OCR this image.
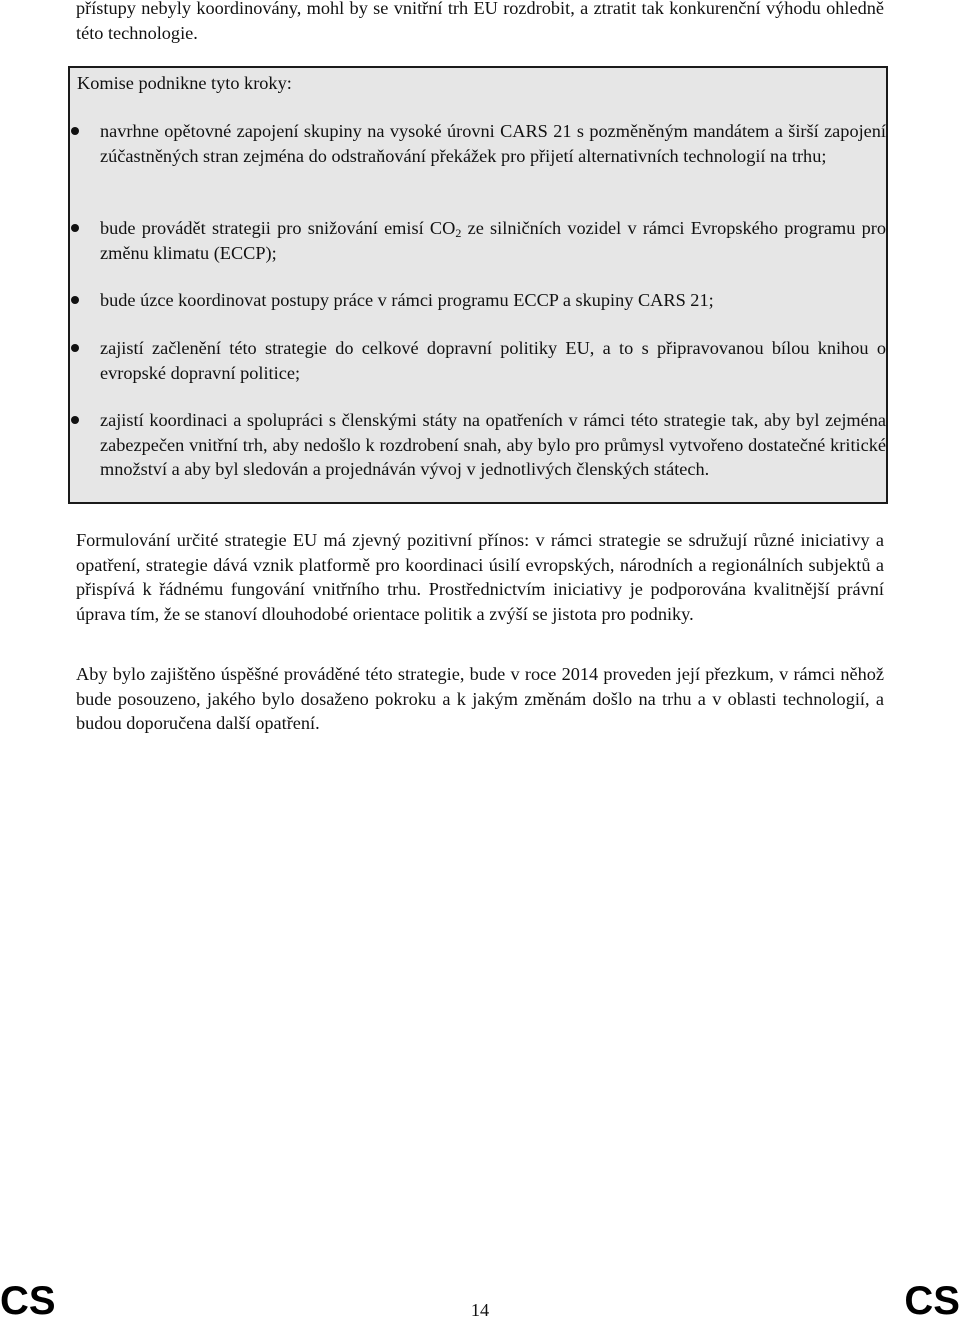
přístupy nebyly koordinovány, mohl by se vnitřní trh EU rozdrobit, a ztratit tak konkurenční výhodu ohledně této technologie.

Komise podnikne tyto kroky:

navrhne opětovné zapojení skupiny na vysoké úrovni CARS 21 s pozměněným mandátem a širší zapojení zúčastněných stran zejména do odstraňování překážek pro přijetí alternativních technologií na trhu;
bude provádět strategii pro snižování emisí $CO_2$ ze silničních vozidel v rámci Evropského programu pro změnu klimatu (ECCP);
bude úzce koordinovat postupy práce v rámci programu ECCP a skupiny CARS 21;
zajistí začlenění této strategie do celkové dopravní politiky EU, a to s připravovanou bílou knihou o evropské dopravní politice;
zajistí koordinaci a spolupráci s členskými státy na opatřeních v rámci této strategie tak, aby byl zejména zabezpečen vnitřní trh, aby nedošlo k rozdrobení snah, aby bylo pro průmysl vytvořeno dostatečné kritické množství a aby byl sledován a projednáván vývoj v jednotlivých členských státech.

Formulování určité strategie EU má zjevný pozitivní přínos: v rámci strategie se sdružují různé iniciativy a opatření, strategie dává vznik platformě pro koordinaci úsilí evropských, národních a regionálních subjektů a přispívá k řádnému fungování vnitřního trhu. Prostřednictvím iniciativy je podporována kvalitnější právní úprava tím, že se stanoví dlouhodobé orientace politik a zvýší se jistota pro podniky.

Aby bylo zajištěno úspěšné prováděné této strategie, bude v roce 2014 proveden její přezkum, v rámci něhož bude posouzeno, jakého bylo dosaženo pokroku a k jakým změnám došlo na trhu a v oblasti technologií, a budou doporučena další opatření.

CS	14	CS
